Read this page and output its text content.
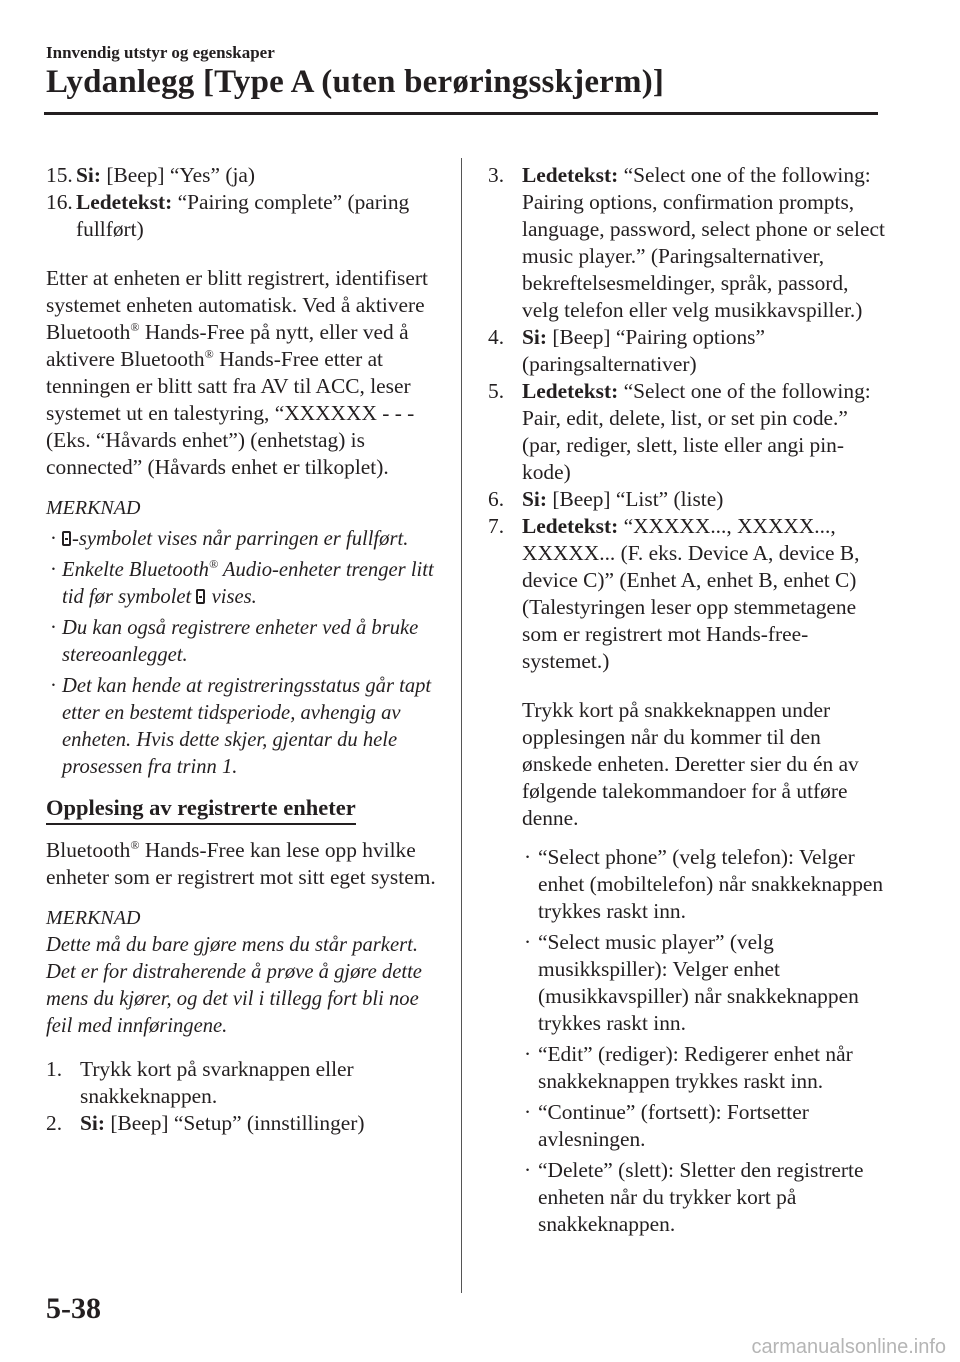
Innvendig utstyr og egenskaper
Lydanlegg [Type A (uten berøringsskjerm)]
15. Si: [Beep] “Yes” (ja)
16. Ledetekst: “Pairing complete” (paring fullført)
Etter at enheten er blitt registrert, identifisert systemet enheten automatisk. Ved å aktivere Bluetooth® Hands-Free på nytt, eller ved å aktivere Bluetooth® Hands-Free etter at tenningen er blitt satt fra AV til ACC, leser systemet ut en talestyring, “XXXXXX - - - (Eks. “Håvards enhet”) (enhetstag) is connected” (Håvards enhet er tilkoplet).
MERKNAD
· -symbolet vises når parringen er fullført.
· Enkelte Bluetooth® Audio-enheter trenger litt tid før symbolet  vises.
· Du kan også registrere enheter ved å bruke stereoanlegget.
· Det kan hende at registreringsstatus går tapt etter en bestemt tidsperiode, avhengig av enheten. Hvis dette skjer, gjentar du hele prosessen fra trinn 1.
Opplesing av registrerte enheter
Bluetooth® Hands-Free kan lese opp hvilke enheter som er registrert mot sitt eget system.
MERKNAD
Dette må du bare gjøre mens du står parkert. Det er for distraherende å prøve å gjøre dette mens du kjører, og det vil i tillegg fort bli noe feil med innføringene.
1. Trykk kort på svarknappen eller snakkeknappen.
2. Si: [Beep] “Setup” (innstillinger)
3. Ledetekst: “Select one of the following: Pairing options, confirmation prompts, language, password, select phone or select music player.” (Paringsalternativer, bekreftelsesmeldinger, språk, passord, velg telefon eller velg musikkavspiller.)
4. Si: [Beep] “Pairing options” (paringsalternativer)
5. Ledetekst: “Select one of the following: Pair, edit, delete, list, or set pin code.” (par, rediger, slett, liste eller angi pin-kode)
6. Si: [Beep] “List” (liste)
7. Ledetekst: “XXXXX..., XXXXX..., XXXXX... (F. eks. Device A, device B, device C)” (Enhet A, enhet B, enhet C) (Talestyringen leser opp stemmetagene som er registrert mot Hands-free-systemet.)
Trykk kort på snakkeknappen under opplesingen når du kommer til den ønskede enheten. Deretter sier du én av følgende talekommandoer for å utføre denne.
· “Select phone” (velg telefon): Velger enhet (mobiltelefon) når snakkeknappen trykkes raskt inn.
· “Select music player” (velg musikkspiller): Velger enhet (musikkavspiller) når snakkeknappen trykkes raskt inn.
· “Edit” (rediger): Redigerer enhet når snakkeknappen trykkes raskt inn.
· “Continue” (fortsett): Fortsetter avlesningen.
· “Delete” (slett): Sletter den registrerte enheten når du trykker kort på snakkeknappen.
5-38
carmanualsonline.info
